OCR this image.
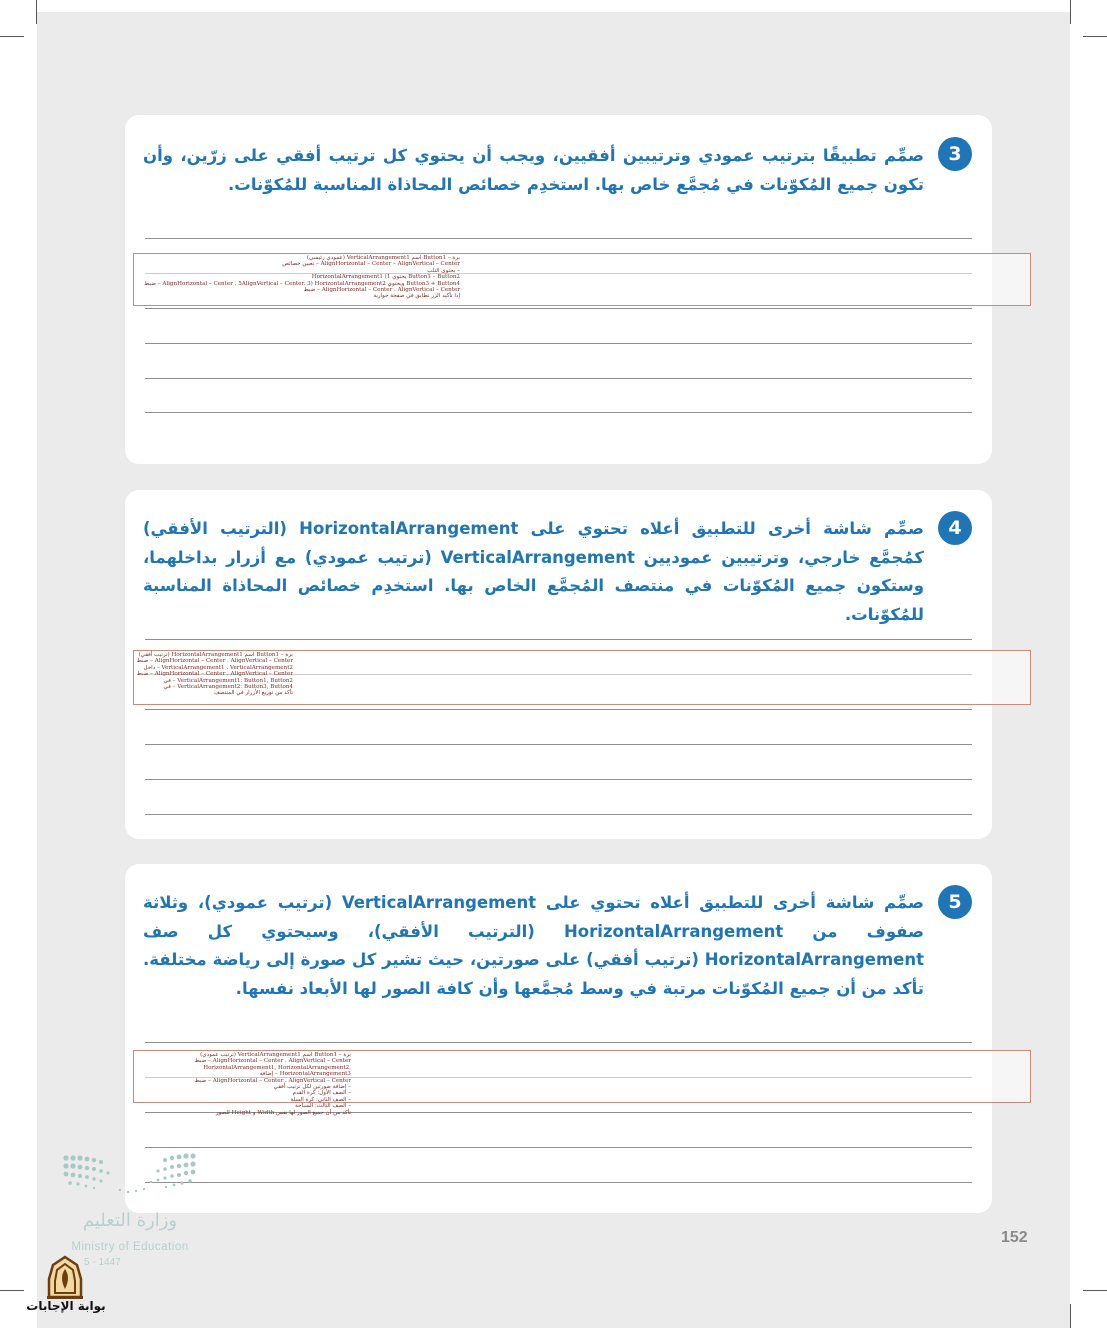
3

صمِّم تطبيقًا بترتيب عمودي وترتيبين أفقيين، ويجب أن يحتوي كل ترتيب أفقي على زرّين، وأن تكون جميع المُكوّنات في مُجمَّع خاص بها. استخدِم خصائص المحاذاة المناسبة للمُكوّنات.

برة – Button1 اسم VerticalArrangement1 (عمودي رئيسي)
AlignHorizontal – Center – AlignVertical – Center – تعيين خصائص
– بحتوى التلب
Button1 – Button2 يحتوي HorizontalArrangement1 (1
Button3 + Button4 ويحتوي AlignHorizontal – Center . 5AlignVertical – Center. 3) HorizontalArrangement2 – ضبط
AlignHorizontal – Center . AlignVertical – Center – ضبط
إذا تأكيد الزر تطابق في صفحة حوارية

4

صمِّم شاشة أخرى للتطبيق أعلاه تحتوي على HorizontalArrangement (الترتيب الأفقي) كمُجمَّع خارجي، وترتيبين عموديين VerticalArrangement (ترتيب عمودي) مع أزرار بداخلهما، وستكون جميع المُكوّنات في منتصف المُجمَّع الخاص بها. استخدِم خصائص المحاذاة المناسبة للمُكوّنات.

برة – Button1 اسم HorizontalArrangement1 (ترتيب أفقي)
AlignHorizontal – Center . AlignVertical – Center – ضبط
VerticalArrangement1 ، VerticalArrangement2 – داخل
AlignHorizontal – Center . AlignVertical – Center – ضبط
VerticalArrangement1: Button1, Button2 – في
VerticalArrangement2: Button3, Button4 – في
تأكد من توزيع الأزرار في المنتصف

5

صمِّم شاشة أخرى للتطبيق أعلاه تحتوي على VerticalArrangement (ترتيب عمودي)، وثلاثة صفوف من HorizontalArrangement (الترتيب الأفقي)، وسيحتوي كل صف HorizontalArrangement (ترتيب أفقي) على صورتين، حيث تشير كل صورة إلى رياضة مختلفة. تأكد من أن جميع المُكوّنات مرتبة في وسط مُجمَّعها وأن كافة الصور لها الأبعاد نفسها.

برة – Button1 اسم VerticalArrangement1 (ترتيب عمودي)
AlignHorizontal – Center . AlignVertical – Center – ضبط
HorizontalArrangement1, HorizontalArrangement2, HorizontalArrangement3 – إضافة
AlignHorizontal – Center . AlignVertical – Center – ضبط
– إضافة صورتين لكل ترتيب أفقي
– الصف الأول: كرة القدم
– الصف الثاني: كرة السلة
– الصف الثالث: السباحة
تأكد من أن جميع الصور لها نفس Width و Height للصور

وزارة التعليم
Ministry of Education
5 - 1447
بوابة الإجابات
152
